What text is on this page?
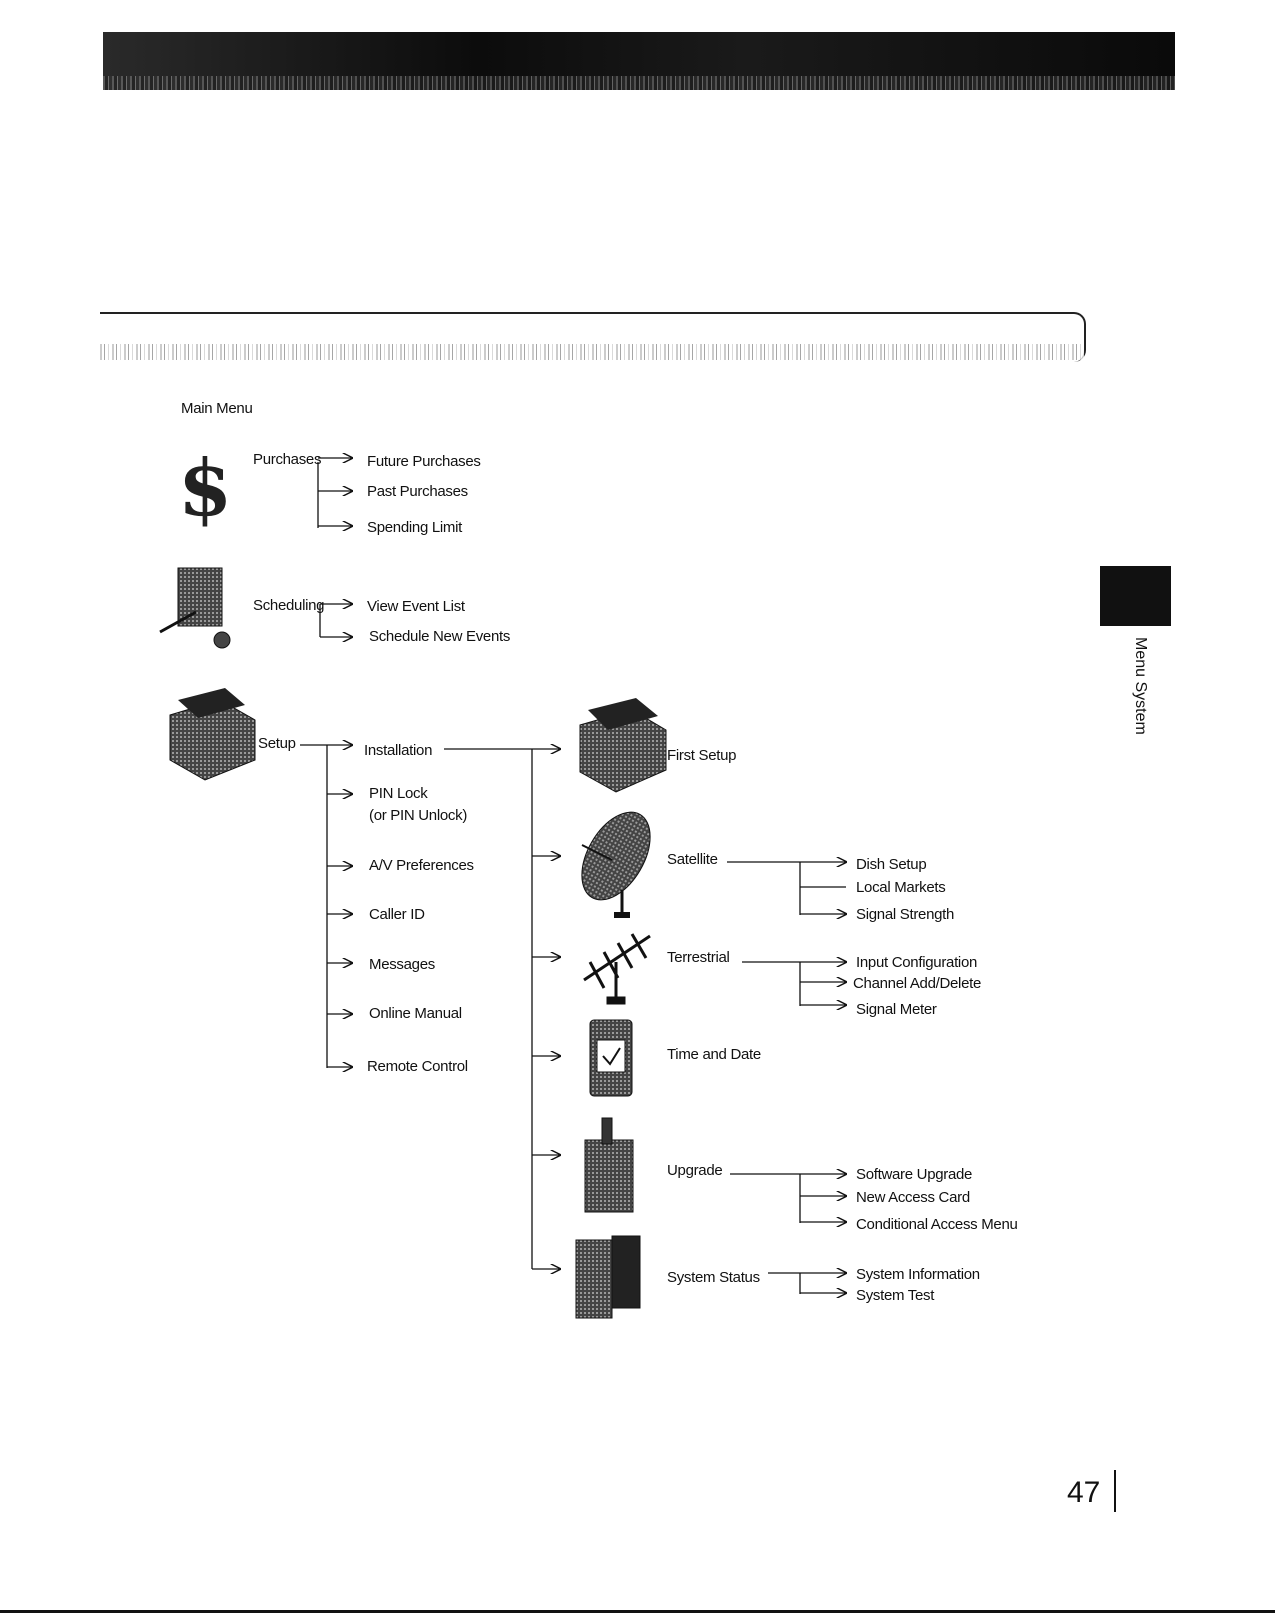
Menu System
47
$
Main Menu
Purchases	Future Purchases
Past Purchases
Spending Limit
Scheduling	View Event List
Schedule New Events
Setup	Installation
PIN Lock
(or PIN Unlock)
A/V Preferences
Caller ID
Messages
Online Manual
Remote Control
First Setup
Satellite	Dish Setup
Local Markets
Signal Strength
Terrestrial	Input Configuration
Channel Add/Delete
Signal Meter
Time and Date
Upgrade	Software Upgrade
New Access Card
Conditional Access Menu
System Status	System Information
System Test
